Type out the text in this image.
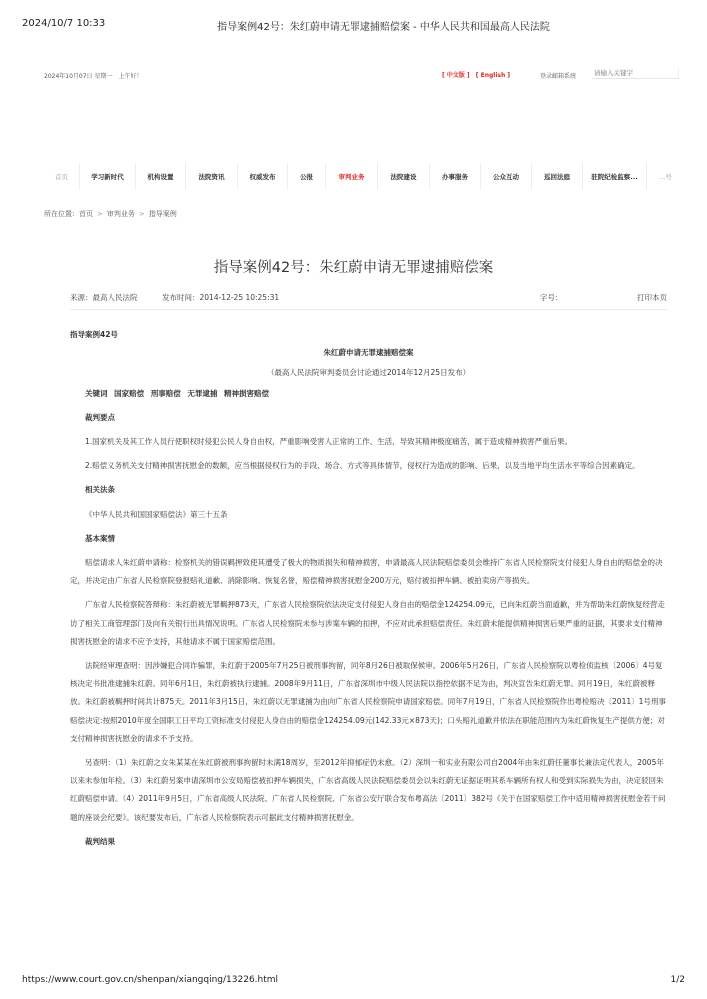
2024/10/7 10:33	指导案例42号：朱红蔚申请无罪逮捕赔偿案 - 中华人民共和国最高人民法院
2024年10月07日 星期一　上午好！	[ 中文版 ] [ English ]	登录邮箱系统
请输入关键字
首页	学习新时代	机构设置	法院资讯	权威发布	公报	审判业务	法院建设	办事服务	公众互动	巡回法庭	驻院纪检监察...	...号
所在位置：首页 > 审判业务 > 指导案例
指导案例42号：朱红蔚申请无罪逮捕赔偿案
来源：最高人民法院	发布时间：2014-12-25 10:25:31	字号：	打印本页

指导案例42号

朱红蔚申请无罪逮捕赔偿案

（最高人民法院审判委员会讨论通过2014年12月25日发布）

关键词 国家赔偿 刑事赔偿 无罪逮捕 精神损害赔偿

裁判要点

1.国家机关及其工作人员行使职权时侵犯公民人身自由权，严重影响受害人正常的工作、生活，导致其精神极度痛苦，属于造成精神损害严重后果。

2.赔偿义务机关支付精神损害抚慰金的数额，应当根据侵权行为的手段、场合、方式等具体情节，侵权行为造成的影响、后果，以及当地平均生活水平等综合因素确定。

相关法条

《中华人民共和国国家赔偿法》第三十五条

基本案情

赔偿请求人朱红蔚申请称：检察机关的错误羁押致使其遭受了极大的物质损失和精神损害，申请最高人民法院赔偿委员会维持广东省人民检察院支付侵犯人身自由的赔偿金的决定，并决定由广东省人民检察院登报赔礼道歉、消除影响、恢复名誉，赔偿精神损害抚慰金200万元，赔付被扣押车辆、被拍卖房产等损失。

广东省人民检察院答辩称：朱红蔚被无罪羁押873天，广东省人民检察院依法决定支付侵犯人身自由的赔偿金124254.09元，已向朱红蔚当面道歉，并为帮助朱红蔚恢复经营走访了相关工商管理部门及向有关银行出具情况说明。广东省人民检察院未参与涉案车辆的扣押，不应对此承担赔偿责任。朱红蔚未能提供精神损害后果严重的证据，其要求支付精神损害抚慰金的请求不应予支持，其他请求不属于国家赔偿范围。

法院经审理查明：因涉嫌犯合同诈骗罪，朱红蔚于2005年7月25日被刑事拘留，同年8月26日被取保候审。2006年5月26日，广东省人民检察院以粤检侦监核〔2006〕4号复核决定书批准逮捕朱红蔚。同年6月1日，朱红蔚被执行逮捕。2008年9月11日，广东省深圳市中级人民法院以指控依据不足为由，判决宣告朱红蔚无罪。同月19日，朱红蔚被释放。朱红蔚被羁押时间共计875天。2011年3月15日，朱红蔚以无罪逮捕为由向广东省人民检察院申请国家赔偿。同年7月19日，广东省人民检察院作出粤检赔决〔2011〕1号刑事赔偿决定:按照2010年度全国职工日平均工资标准支付侵犯人身自由的赔偿金124254.09元(142.33元×873天)；口头赔礼道歉并依法在职能范围内为朱红蔚恢复生产提供方便；对支付精神损害抚慰金的请求不予支持。

另查明：（1）朱红蔚之女朱某某在朱红蔚被刑事拘留时未满18周岁，至2012年抑郁症仍未愈。（2）深圳一和实业有限公司自2004年由朱红蔚任董事长兼法定代表人，2005年以来未参加年检。（3）朱红蔚另案申请深圳市公安局赔偿被扣押车辆损失，广东省高级人民法院赔偿委员会以朱红蔚无证据证明其系车辆所有权人和受到实际损失为由，决定驳回朱红蔚赔偿申请。（4）2011年9月5日，广东省高级人民法院、广东省人民检察院、广东省公安厅联合发布粤高法〔2011〕382号《关于在国家赔偿工作中适用精神损害抚慰金若干问题的座谈会纪要》。该纪要发布后，广东省人民检察院表示可据此支付精神损害抚慰金。

裁判结果

https://www.court.gov.cn/shenpan/xiangqing/13226.html	1/2
